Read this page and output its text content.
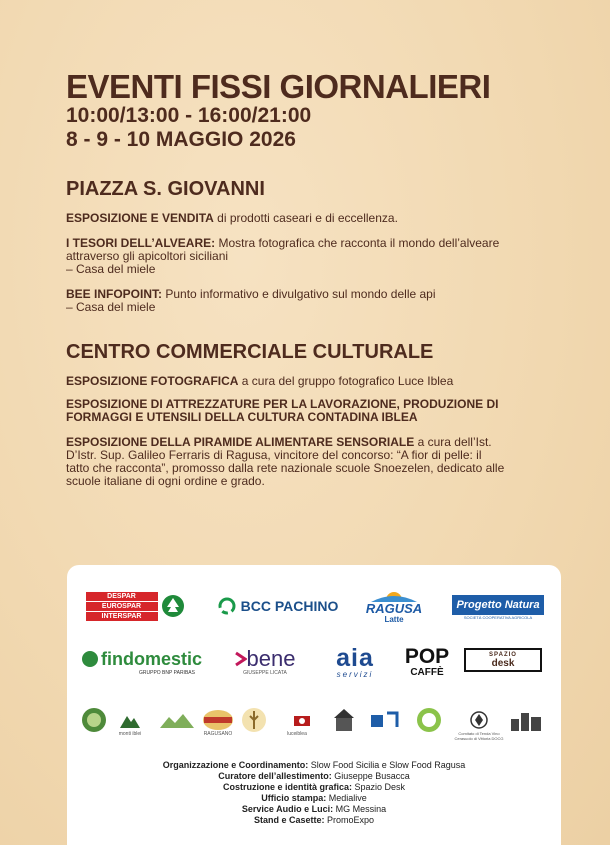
EVENTI FISSI GIORNALIERI
10:00/13:00 - 16:00/21:00
8 - 9 - 10 MAGGIO 2026
PIAZZA S. GIOVANNI
ESPOSIZIONE E VENDITA di prodotti caseari e di eccellenza.
I TESORI DELL’ALVEARE: Mostra fotografica che racconta il mondo dell’alveare attraverso gli apicoltori siciliani
– Casa del miele
BEE INFOPOINT: Punto informativo e divulgativo sul mondo delle api
– Casa del miele
CENTRO COMMERCIALE CULTURALE
ESPOSIZIONE FOTOGRAFICA a cura del gruppo fotografico Luce Iblea
ESPOSIZIONE DI ATTREZZATURE PER LA LAVORAZIONE, PRODUZIONE DI FORMAGGI E UTENSILI DELLA CULTURA CONTADINA IBLEA
ESPOSIZIONE DELLA PIRAMIDE ALIMENTARE SENSORIALE a cura dell’Ist. D’Istr. Sup. Galileo Ferraris di Ragusa, vincitore del concorso: “A fior di pelle: il tatto che racconta”, promosso dalla rete nazionale scuole Snoezelen, dedicato alle scuole italiane di ogni ordine e grado.
DESPAR
EUROSPAR
INTERSPAR
BCC PACHINO RAGUSA
Latte
Progetto Natura
SOCIETÀ COOPERATIVA AGRICOLA
findomestic
GRUPPO BNP PARIBAS
bene
GIUSEPPE LICATA
aia
servizi
POP
CAFFÈ
SPAZIO
desk
monti iblei	RAGUSANO	luceiblea	Comitato di Tenda Vino Cerasuolo di Vittoria DOCG
Organizzazione e Coordinamento: Slow Food Sicilia e Slow Food Ragusa
Curatore dell’allestimento: Giuseppe Busacca
Costruzione e identità grafica: Spazio Desk
Ufficio stampa: Medialive
Service Audio e Luci: MG Messina
Stand e Casette: PromoExpo
